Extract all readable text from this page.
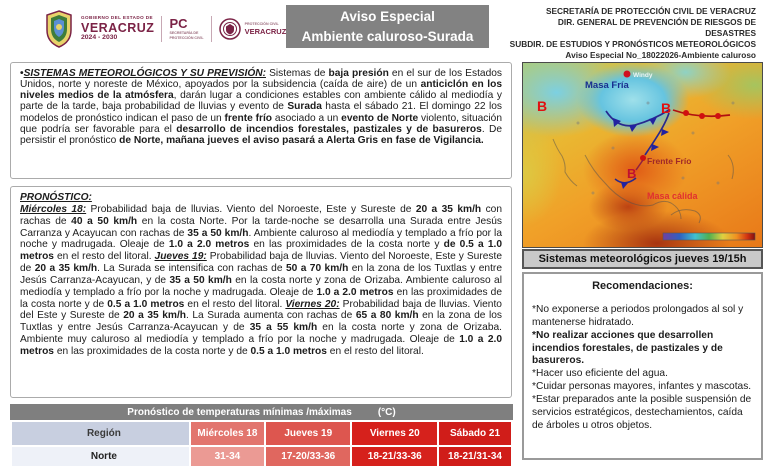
GOBIERNO DEL ESTADO DE
VERACRUZ
2024 - 2030
PC
SECRETARÍA DE
PROTECCIÓN CIVIL
PROTECCIÓN CIVIL
VERACRUZ
Aviso Especial
Ambiente caluroso-Surada
SECRETARÍA DE PROTECCIÓN CIVIL DE VERACRUZ
DIR. GENERAL DE PREVENCIÓN DE RIESGOS DE DESASTRES
SUBDIR. DE ESTUDIOS Y PRONÓSTICOS METEOROLÓGICOS
Aviso Especial No_18022026-Ambiente caluroso
•SISTEMAS METEOROLÓGICOS Y SU PREVISIÓN: Sistemas de baja presión en el sur de los Estados Unidos, norte y noreste de México, apoyados por la subsidencia (caída de aire) de un anticiclón en los niveles medios de la atmósfera, darán lugar a condiciones estables con ambiente cálido al mediodía y parte de la tarde, baja probabilidad de lluvias y evento de Surada hasta el sábado 21. El domingo 22 los modelos de pronóstico indican el paso de un frente frío asociado a un evento de Norte violento, situación que podría ser favorable para el desarrollo de incendios forestales, pastizales y de basureros. De persistir el pronóstico de Norte, mañana jueves el aviso pasará a Alerta Gris en fase de Vigilancia.
PRONÓSTICO:
Miércoles 18: Probabilidad baja de lluvias. Viento del Noroeste, Este y Sureste de 20 a 35 km/h con rachas de 40 a 50 km/h en la costa Norte. Por la tarde-noche se desarrolla una Surada entre Jesús Carranza y Acayucan con rachas de 35 a 50 km/h. Ambiente caluroso al mediodía y templado a frío por la noche y madrugada. Oleaje de 1.0 a 2.0 metros en las proximidades de la costa norte y de 0.5 a 1.0 metros en el resto del litoral. Jueves 19: Probabilidad baja de lluvias. Viento del Noroeste, Este y Sureste de 20 a 35 km/h. La Surada se intensifica con rachas de 50 a 70 km/h en la zona de los Tuxtlas y entre Jesús Carranza-Acayucan, y de 35 a 50 km/h en la costa norte y zona de Orizaba. Ambiente caluroso al mediodía y templado a frío por la noche y madrugada. Oleaje de 1.0 a 2.0 metros en las proximidades de la costa norte y de 0.5 a 1.0 metros en el resto del litoral. Viernes 20: Probabilidad baja de lluvias. Viento del Este y Sureste de 20 a 35 km/h. La Surada aumenta con rachas de 65 a 80 km/h en la zona de los Tuxtlas y entre Jesús Carranza-Acayucan y de 35 a 55 km/h en la costa norte y zona de Orizaba. Ambiente muy caluroso al mediodía y templado a frío por la noche y madrugada. Oleaje de 1.0 a 2.0 metros en las proximidades de la costa norte y de 0.5 a 1.0 metros en el resto del litoral.
Pronóstico de temperaturas mínimas /máximas	(°C)
Región	Miércoles 18	Jueves 19	Viernes 20	Sábado 21
Norte	31-34	17-20/33-36	18-21/33-36	18-21/31-34

Windy
B	B
B
Masa Fría
Frente Frío
Masa cálida
Sistemas meteorológicos jueves 19/15h
Recomendaciones:
*No exponerse a periodos prolongados al sol y mantenerse hidratado.
*No realizar acciones que desarrollen incendios forestales, de pastizales y de basureros.
*Hacer uso eficiente del agua.
*Cuidar personas mayores, infantes y mascotas.
*Estar preparados ante la posible suspensión de servicios estratégicos, destechamientos, caída de árboles u otros objetos.
